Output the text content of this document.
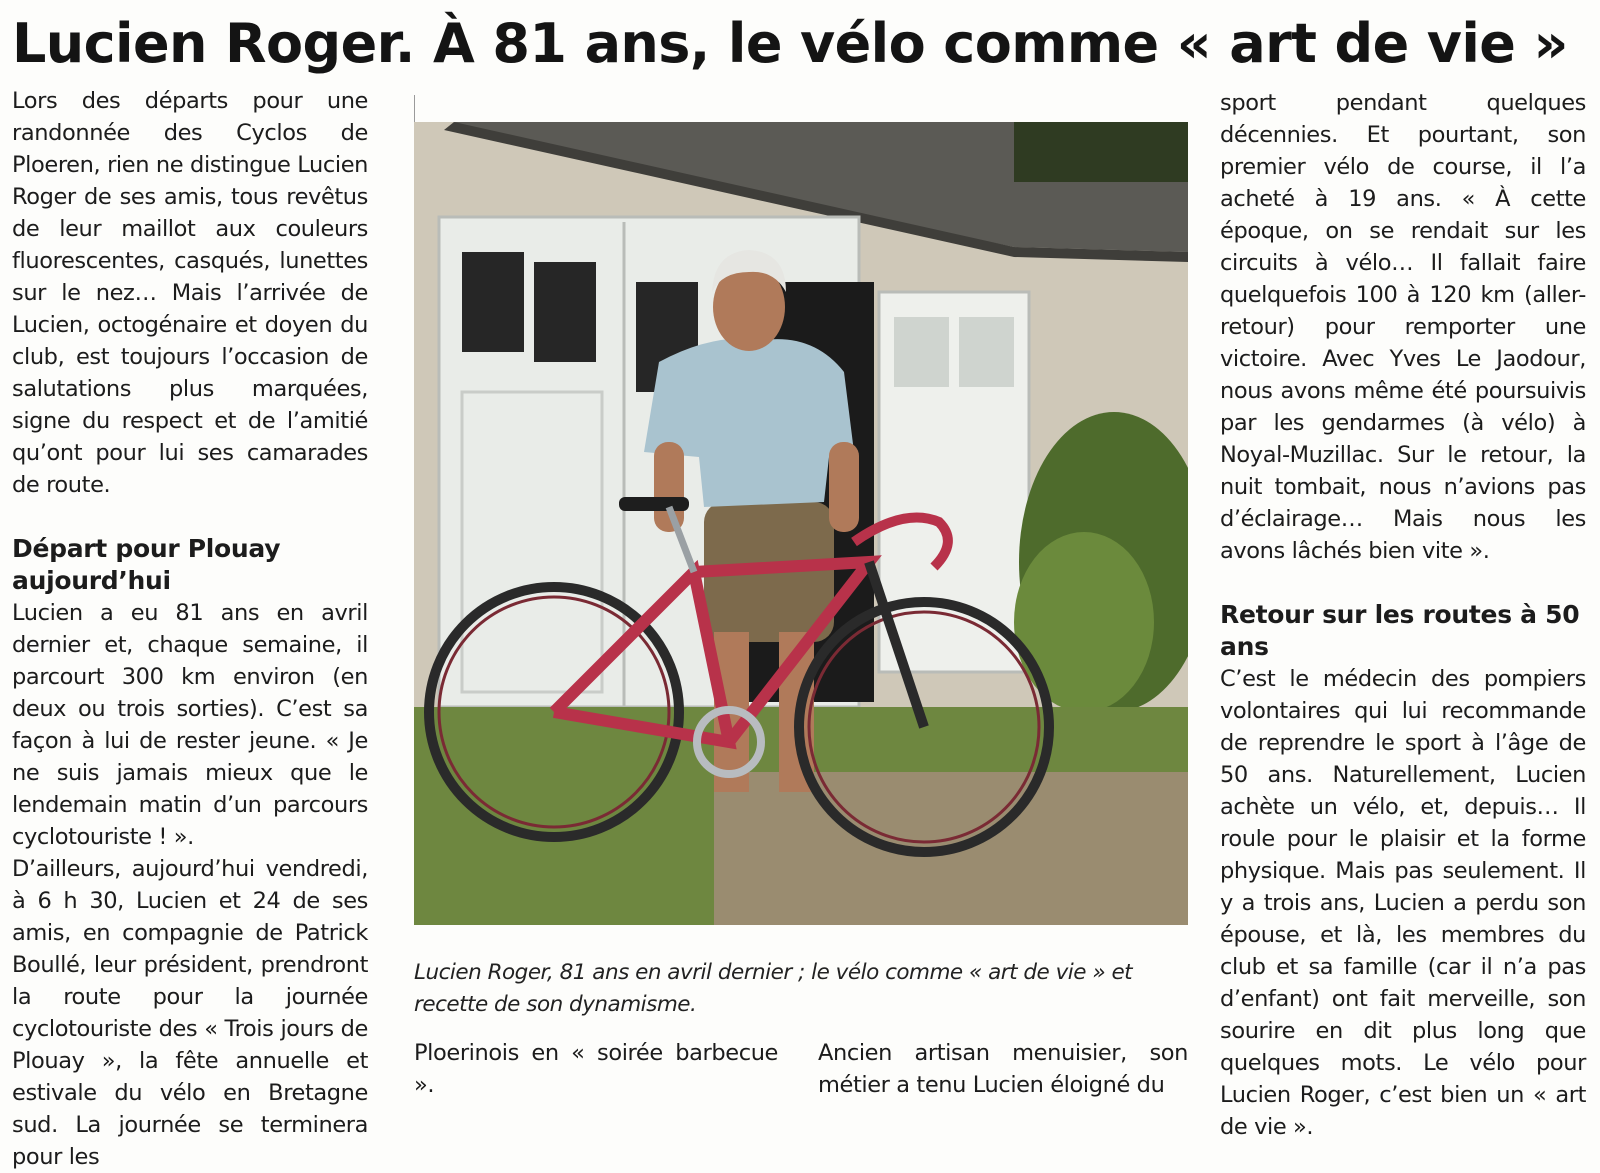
Lucien Roger. À 81 ans, le vélo comme « art de vie »

Lors des départs pour une randonnée des Cyclos de Ploeren, rien ne distingue Lucien Roger de ses amis, tous revêtus de leur maillot aux couleurs fluorescentes, casqués, lunettes sur le nez… Mais l’arrivée de Lucien, octogénaire et doyen du club, est toujours l’occasion de salutations plus marquées, signe du respect et de l’amitié qu’ont pour lui ses camarades de route.

Départ pour Plouay aujourd’hui

Lucien a eu 81 ans en avril dernier et, chaque semaine, il parcourt 300 km environ (en deux ou trois sorties). C’est sa façon à lui de rester jeune. « Je ne suis jamais mieux que le lendemain matin d’un parcours cyclotouriste ! ».

D’ailleurs, aujourd’hui vendredi, à 6 h 30, Lucien et 24 de ses amis, en compagnie de Patrick Boullé, leur président, prendront la route pour la journée cyclotouriste des « Trois jours de Plouay », la fête annuelle et estivale du vélo en Bretagne sud. La journée se terminera pour les

Lucien Roger, 81 ans en avril dernier ; le vélo comme « art de vie » et recette de son dynamisme.

Ploerinois en « soirée barbecue ».

Ancien artisan menuisier, son métier a tenu Lucien éloigné du

sport pendant quelques décennies. Et pourtant, son premier vélo de course, il l’a acheté à 19 ans. « À cette époque, on se rendait sur les circuits à vélo… Il fallait faire quelquefois 100 à 120 km (aller-retour) pour remporter une victoire. Avec Yves Le Jaodour, nous avons même été poursuivis par les gendarmes (à vélo) à Noyal-Muzillac. Sur le retour, la nuit tombait, nous n’avions pas d’éclairage… Mais nous les avons lâchés bien vite ».

Retour sur les routes à 50 ans

C’est le médecin des pompiers volontaires qui lui recommande de reprendre le sport à l’âge de 50 ans. Naturellement, Lucien achète un vélo, et, depuis… Il roule pour le plaisir et la forme physique. Mais pas seulement. Il y a trois ans, Lucien a perdu son épouse, et là, les membres du club et sa famille (car il n’a pas d’enfant) ont fait merveille, son sourire en dit plus long que quelques mots. Le vélo pour Lucien Roger, c’est bien un « art de vie ».
